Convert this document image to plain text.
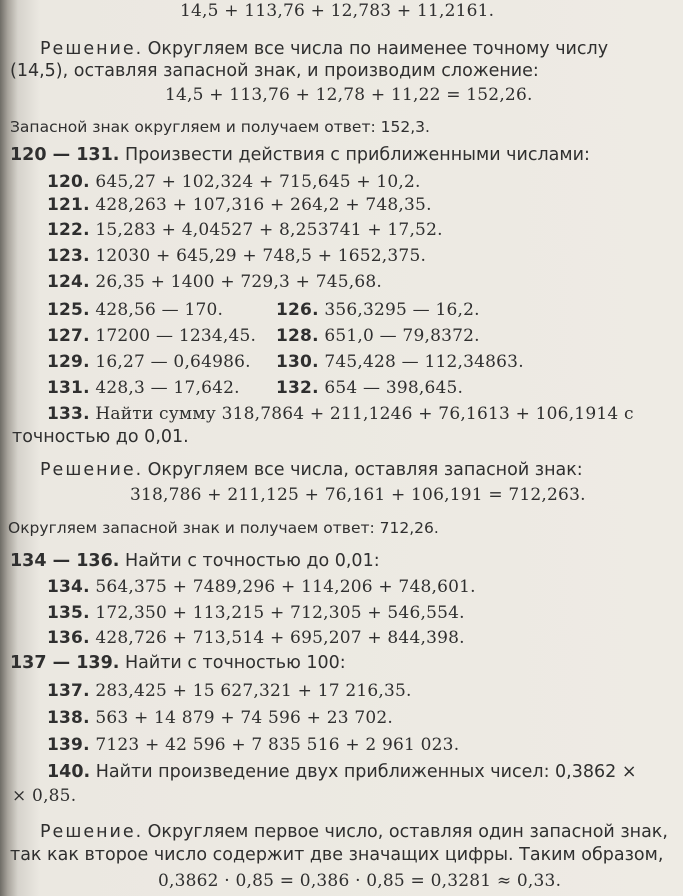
14,5 + 113,76 + 12,783 + 11,2161.
Решение. Округляем все числа по наименее точному числу
(14,5), оставляя запасной знак, и производим сложение:
14,5 + 113,76 + 12,78 + 11,22 = 152,26.
Запасной знак округляем и получаем ответ: 152,3.
120 — 131. Произвести действия с приближенными числами:
120. 645,27 + 102,324 + 715,645 + 10,2.
121. 428,263 + 107,316 + 264,2 + 748,35.
122. 15,283 + 4,04527 + 8,253741 + 17,52.
123. 12030 + 645,29 + 748,5 + 1652,375.
124. 26,35 + 1400 + 729,3 + 745,68.
125. 428,56 — 170.	126. 356,3295 — 16,2.
127. 17200 — 1234,45. 128. 651,0 — 79,8372.
129. 16,27 — 0,64986. 130. 745,428 — 112,34863.
131. 428,3 — 17,642. 132. 654 — 398,645.
133. Найти сумму 318,7864 + 211,1246 + 76,1613 + 106,1914 с
точностью до 0,01.
Решение. Округляем все числа, оставляя запасной знак:
318,786 + 211,125 + 76,161 + 106,191 = 712,263.
Округляем запасной знак и получаем ответ: 712,26.
134 — 136. Найти с точностью до 0,01:
134. 564,375 + 7489,296 + 114,206 + 748,601.
135. 172,350 + 113,215 + 712,305 + 546,554.
136. 428,726 + 713,514 + 695,207 + 844,398.
137 — 139. Найти с точностью 100:
137. 283,425 + 15 627,321 + 17 216,35.
138. 563 + 14 879 + 74 596 + 23 702.
139. 7123 + 42 596 + 7 835 516 + 2 961 023.
140. Найти произведение двух приближенных чисел: 0,3862 ×
× 0,85.
Решение. Округляем первое число, оставляя один запасной знак,
так как второе число содержит две значащих цифры. Таким образом,
0,3862 · 0,85 = 0,386 · 0,85 = 0,3281 ≈ 0,33.
